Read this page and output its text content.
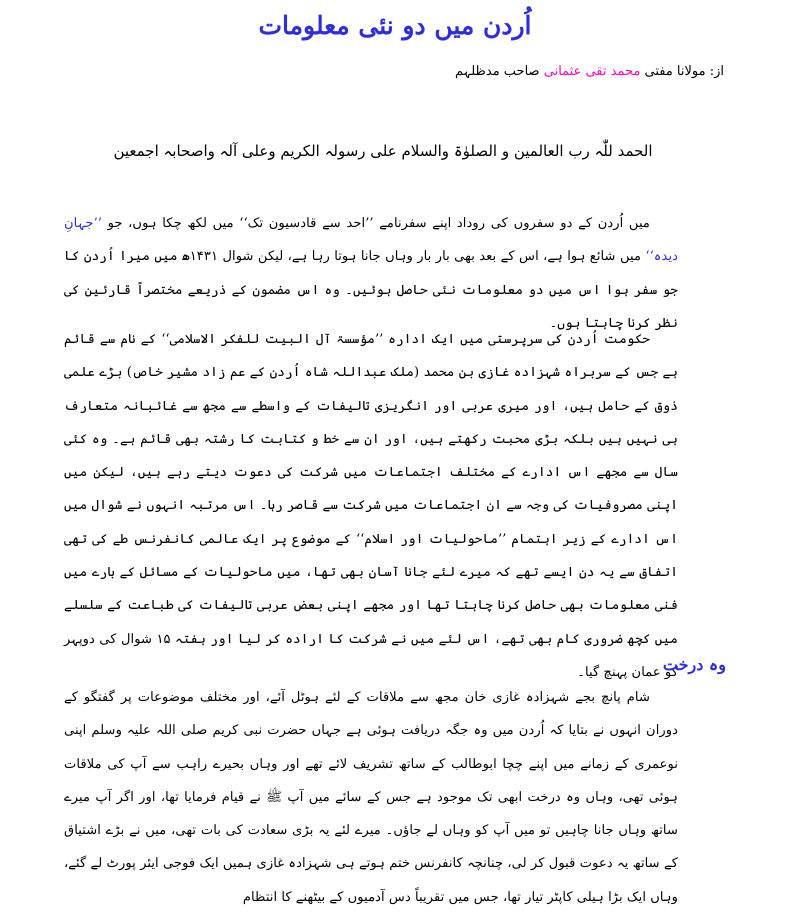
اُردن میں دو نئی معلومات
از: مولانا مفتی محمد تقی عثمانی صاحب مدظلہم
الحمد للّٰہ رب العالمین و الصلوٰۃ والسلام علی رسولہ الکریم وعلی آلہ واصحابہ اجمعین

میں اُردن کے دو سفروں کی روداد اپنے سفرنامے ’’احد سے قادسیون تک‘‘ میں لکھ چکا ہوں، جو ’’جہانِ دیدہ‘‘ میں شائع ہوا ہے، اس کے بعد بھی بار بار وہاں جانا ہوتا رہا ہے، لیکن شوال ۱۴۳۱ھ میں میرا اُردن کا جو سفر ہوا اس میں دو معلومات نئی حاصل ہوئیں۔ وہ اس مضمون کے ذریعے مختصراً قارئین کی نظر کرنا چاہتا ہوں۔

حکومت اُردن کی سرپرستی میں ایک ادارہ ’’مؤسسۃ آل البیت للفکر الاسلامی‘‘ کے نام سے قائم ہے جس کے سربراہ شہزادہ غازی بن محمد (ملک عبداللہ شاہ اُردن کے عم زاد مشیر خاص) بڑے علمی ذوق کے حامل ہیں، اور میری عربی اور انگریزی تالیفات کے واسطے سے مجھ سے غائبانہ متعارف ہی نہیں ہیں بلکہ بڑی محبت رکھتے ہیں، اور ان سے خط و کتابت کا رشتہ بھی قائم ہے۔ وہ کئی سال سے مجھے اس ادارے کے مختلف اجتماعات میں شرکت کی دعوت دیتے رہے ہیں، لیکن میں اپنی مصروفیات کی وجہ سے ان اجتماعات میں شرکت سے قاصر رہا۔ اس مرتبہ انہوں نے شوال میں اس ادارے کے زیر اہتمام ’’ماحولیات اور اسلام‘‘ کے موضوع پر ایک عالمی کانفرنس طے کی تھی اتفاق سے یہ دن ایسے تھے کہ میرے لئے جانا آسان بھی تھا، میں ماحولیات کے مسائل کے بارے میں فنی معلومات بھی حاصل کرنا چاہتا تھا اور مجھے اپنی بعض عربی تالیفات کی طباعت کے سلسلے میں کچھ ضروری کام بھی تھے، اس لئے میں نے شرکت کا ارادہ کر لیا اور ہفتہ ۱۵ شوال کی دوپہر کو عمان پہنچ گیا۔

وہ درخت

شام پانچ بجے شہزادہ غازی خان مجھ سے ملاقات کے لئے ہوٹل آئے، اور مختلف موضوعات پر گفتگو کے دوران انہوں نے بتایا کہ اُردن میں وہ جگہ دریافت ہوئی ہے جہاں حضرت نبی کریم صلی اللہ علیہ وسلم اپنی نوعمری کے زمانے میں اپنے چچا ابوطالب کے ساتھ تشریف لائے تھے اور وہاں بحیرے راہب سے آپ کی ملاقات ہوئی تھی، وہاں وہ درخت ابھی تک موجود ہے جس کے سائے میں آپ ﷺ نے قیام فرمایا تھا، اور اگر آپ میرے ساتھ وہاں جانا چاہیں تو میں آپ کو وہاں لے جاؤں۔ میرے لئے یہ بڑی سعادت کی بات تھی، میں نے بڑے اشتیاق کے ساتھ یہ دعوت قبول کر لی، چنانچہ کانفرنس ختم ہوتے ہی شہزادہ غازی ہمیں ایک فوجی ایئر پورٹ لے گئے، وہاں ایک بڑا ہیلی کاپٹر تیار تھا، جس میں تقریباً دس آدمیوں کے بیٹھنے کا انتظام
